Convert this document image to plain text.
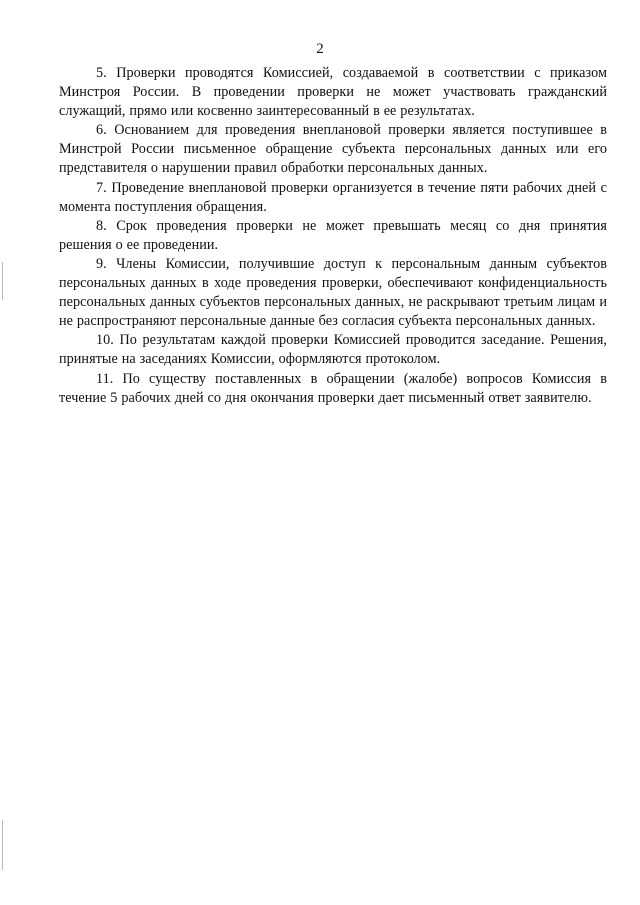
2

5. Проверки проводятся Комиссией, создаваемой в соответствии с приказом Минстроя России. В проведении проверки не может участвовать гражданский служащий, прямо или косвенно заинтересованный в ее результатах.

6. Основанием для проведения внеплановой проверки является поступившее в Минстрой России письменное обращение субъекта персональных данных или его представителя о нарушении правил обработки персональных данных.

7. Проведение внеплановой проверки организуется в течение пяти рабочих дней с момента поступления обращения.

8. Срок проведения проверки не может превышать месяц со дня принятия решения о ее проведении.

9. Члены Комиссии, получившие доступ к персональным данным субъектов персональных данных в ходе проведения проверки, обеспечивают конфиденциальность персональных данных субъектов персональных данных, не раскрывают третьим лицам и не распространяют персональные данные без согласия субъекта персональных данных.

10. По результатам каждой проверки Комиссией проводится заседание. Решения, принятые на заседаниях Комиссии, оформляются протоколом.

11. По существу поставленных в обращении (жалобе) вопросов Комиссия в течение 5 рабочих дней со дня окончания проверки дает письменный ответ заявителю.
